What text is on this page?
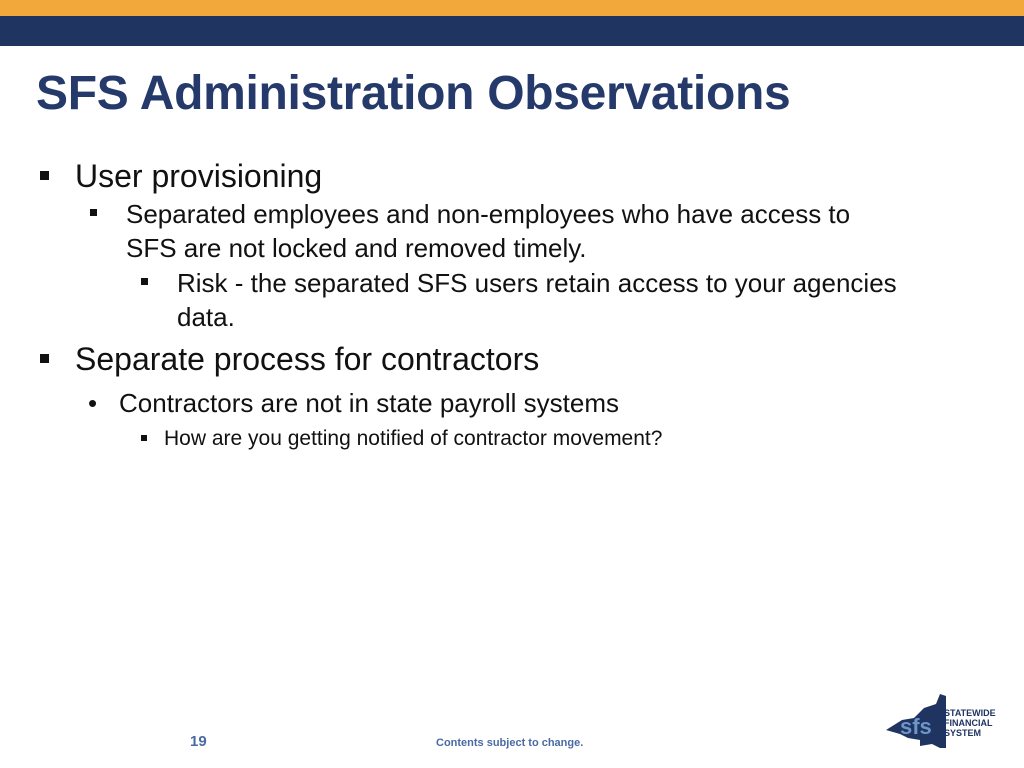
SFS Administration Observations
User provisioning
Separated employees and non-employees who have access to
SFS are not locked and removed timely.
Risk - the separated SFS users retain access to your agencies
data.
Separate process for contractors
• Contractors are not in state payroll systems
How are you getting notified of contractor movement?
19	Contents subject to change.
sfs
STATEWIDE
FINANCIAL
SYSTEM
